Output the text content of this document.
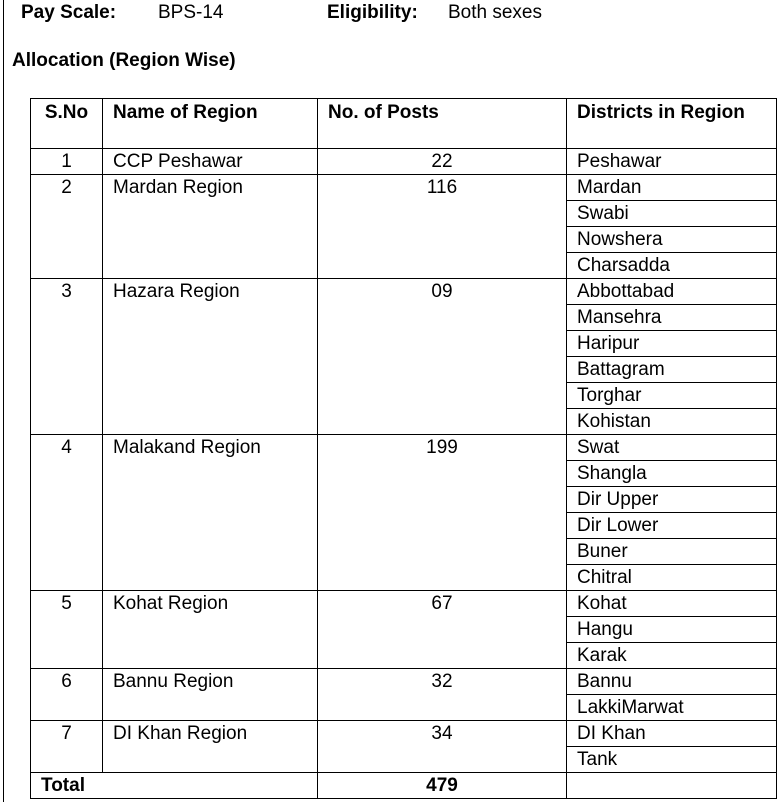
Pay Scale: BPS-14	Eligibility: Both sexes
Allocation (Region Wise)
S.No	Name of Region	No. of Posts	Districts in Region
1	CCP Peshawar	22	Peshawar
2	Mardan Region	116	Mardan
			Swabi
			Nowshera
			Charsadda
3	Hazara Region	09	Abbottabad
			Mansehra
			Haripur
			Battagram
			Torghar
			Kohistan
4	Malakand Region	199	Swat
			Shangla
			Dir Upper
			Dir Lower
			Buner
			Chitral
5	Kohat Region	67	Kohat
			Hangu
			Karak
6	Bannu Region	32	Bannu
			LakkiMarwat
7	DI Khan Region	34	DI Khan
			Tank
Total		479	
